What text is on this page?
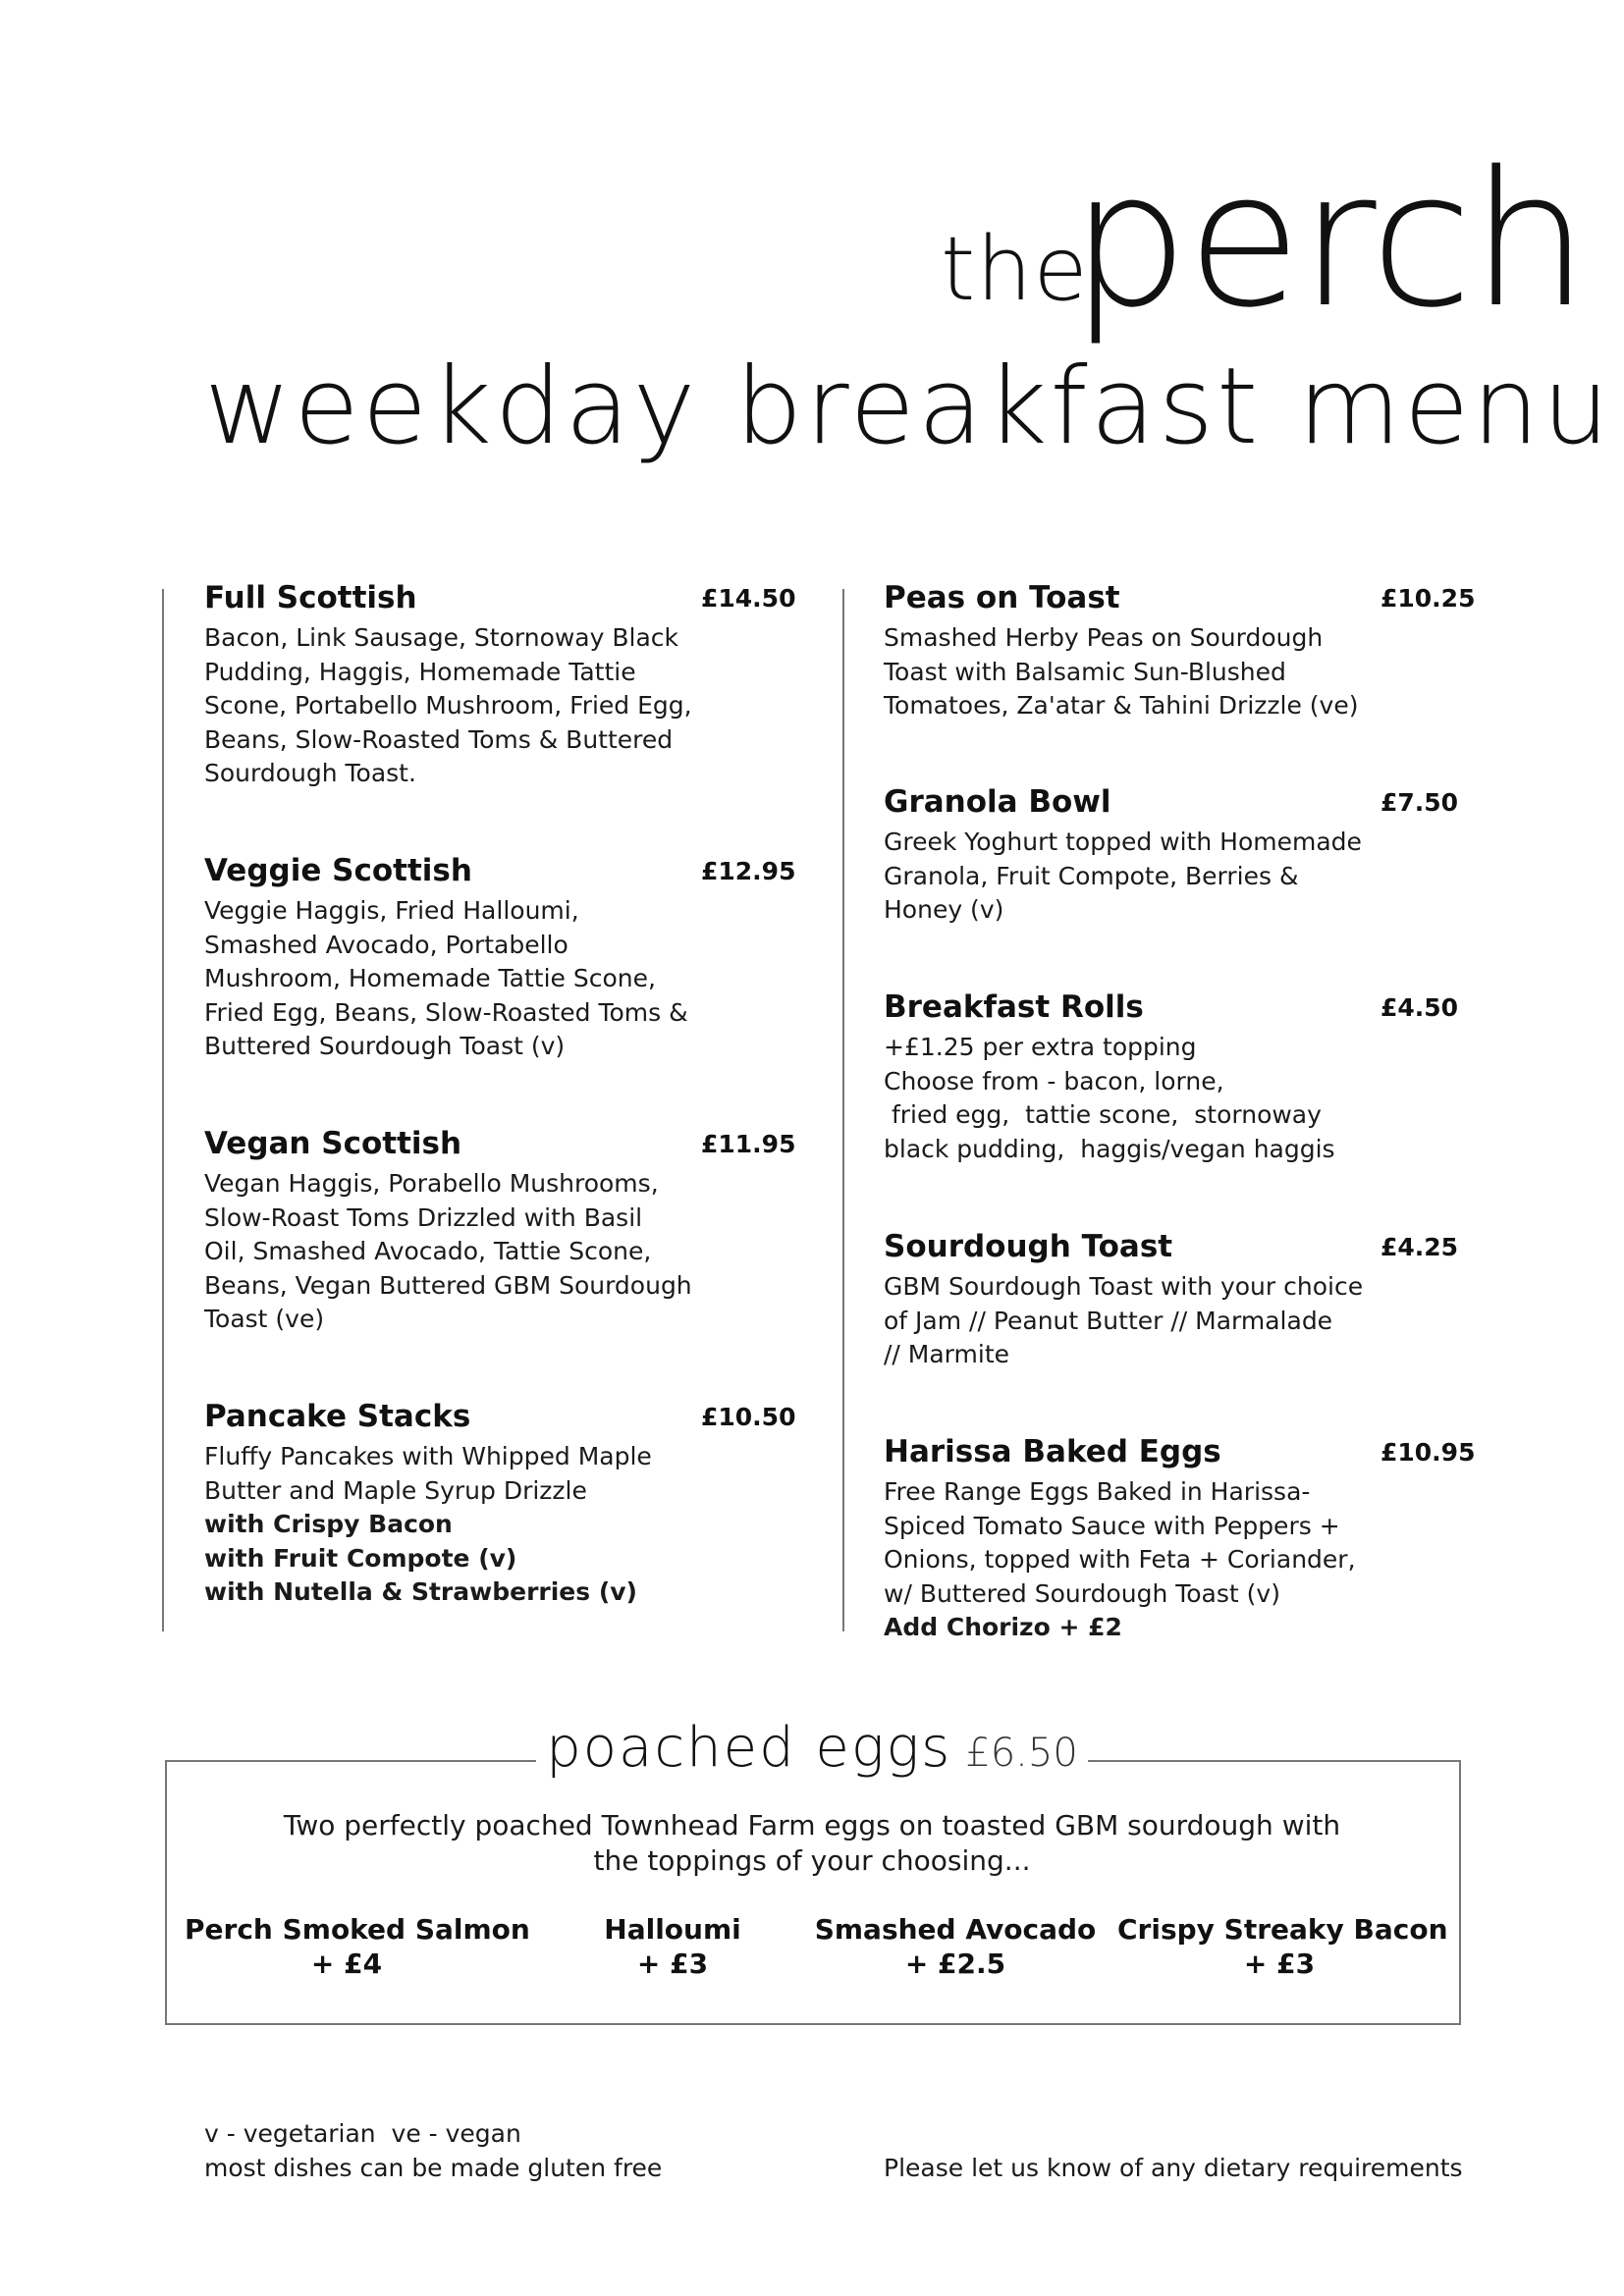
the
perch
weekday breakfast menu
Full Scottish	£14.50
Bacon, Link Sausage, Stornoway Black
Pudding, Haggis, Homemade Tattie
Scone, Portabello Mushroom, Fried Egg,
Beans, Slow-Roasted Toms & Buttered
Sourdough Toast.
Veggie Scottish	£12.95
Veggie Haggis, Fried Halloumi,
Smashed Avocado, Portabello
Mushroom, Homemade Tattie Scone,
Fried Egg, Beans, Slow-Roasted Toms &
Buttered Sourdough Toast (v)
Vegan Scottish	£11.95
Vegan Haggis, Porabello Mushrooms,
Slow-Roast Toms Drizzled with Basil
Oil, Smashed Avocado, Tattie Scone,
Beans, Vegan Buttered GBM Sourdough
Toast (ve)
Pancake Stacks	£10.50
Fluffy Pancakes with Whipped Maple
Butter and Maple Syrup Drizzle
with Crispy Bacon
with Fruit Compote (v)
with Nutella & Strawberries (v)
Peas on Toast	£10.25
Smashed Herby Peas on Sourdough
Toast with Balsamic Sun-Blushed
Tomatoes, Za'atar & Tahini Drizzle (ve)
Granola Bowl	£7.50
Greek Yoghurt topped with Homemade
Granola, Fruit Compote, Berries &
Honey (v)
Breakfast Rolls	£4.50
+£1.25 per extra topping
Choose from - bacon, lorne,
fried egg,  tattie scone,  stornoway
black pudding,  haggis/vegan haggis
Sourdough Toast	£4.25
GBM Sourdough Toast with your choice
of Jam // Peanut Butter // Marmalade
// Marmite
Harissa Baked Eggs	£10.95
Free Range Eggs Baked in Harissa-
Spiced Tomato Sauce with Peppers +
Onions, topped with Feta + Coriander,
w/ Buttered Sourdough Toast (v)
Add Chorizo + £2
poached eggs £6.50
Two perfectly poached Townhead Farm eggs on toasted GBM sourdough with
the toppings of your choosing...
Perch Smoked Salmon
+ £4
Halloumi
+ £3
Smashed Avocado
+ £2.5
Crispy Streaky Bacon
+ £3
v - vegetarian  ve - vegan
most dishes can be made gluten free	Please let us know of any dietary requirements
